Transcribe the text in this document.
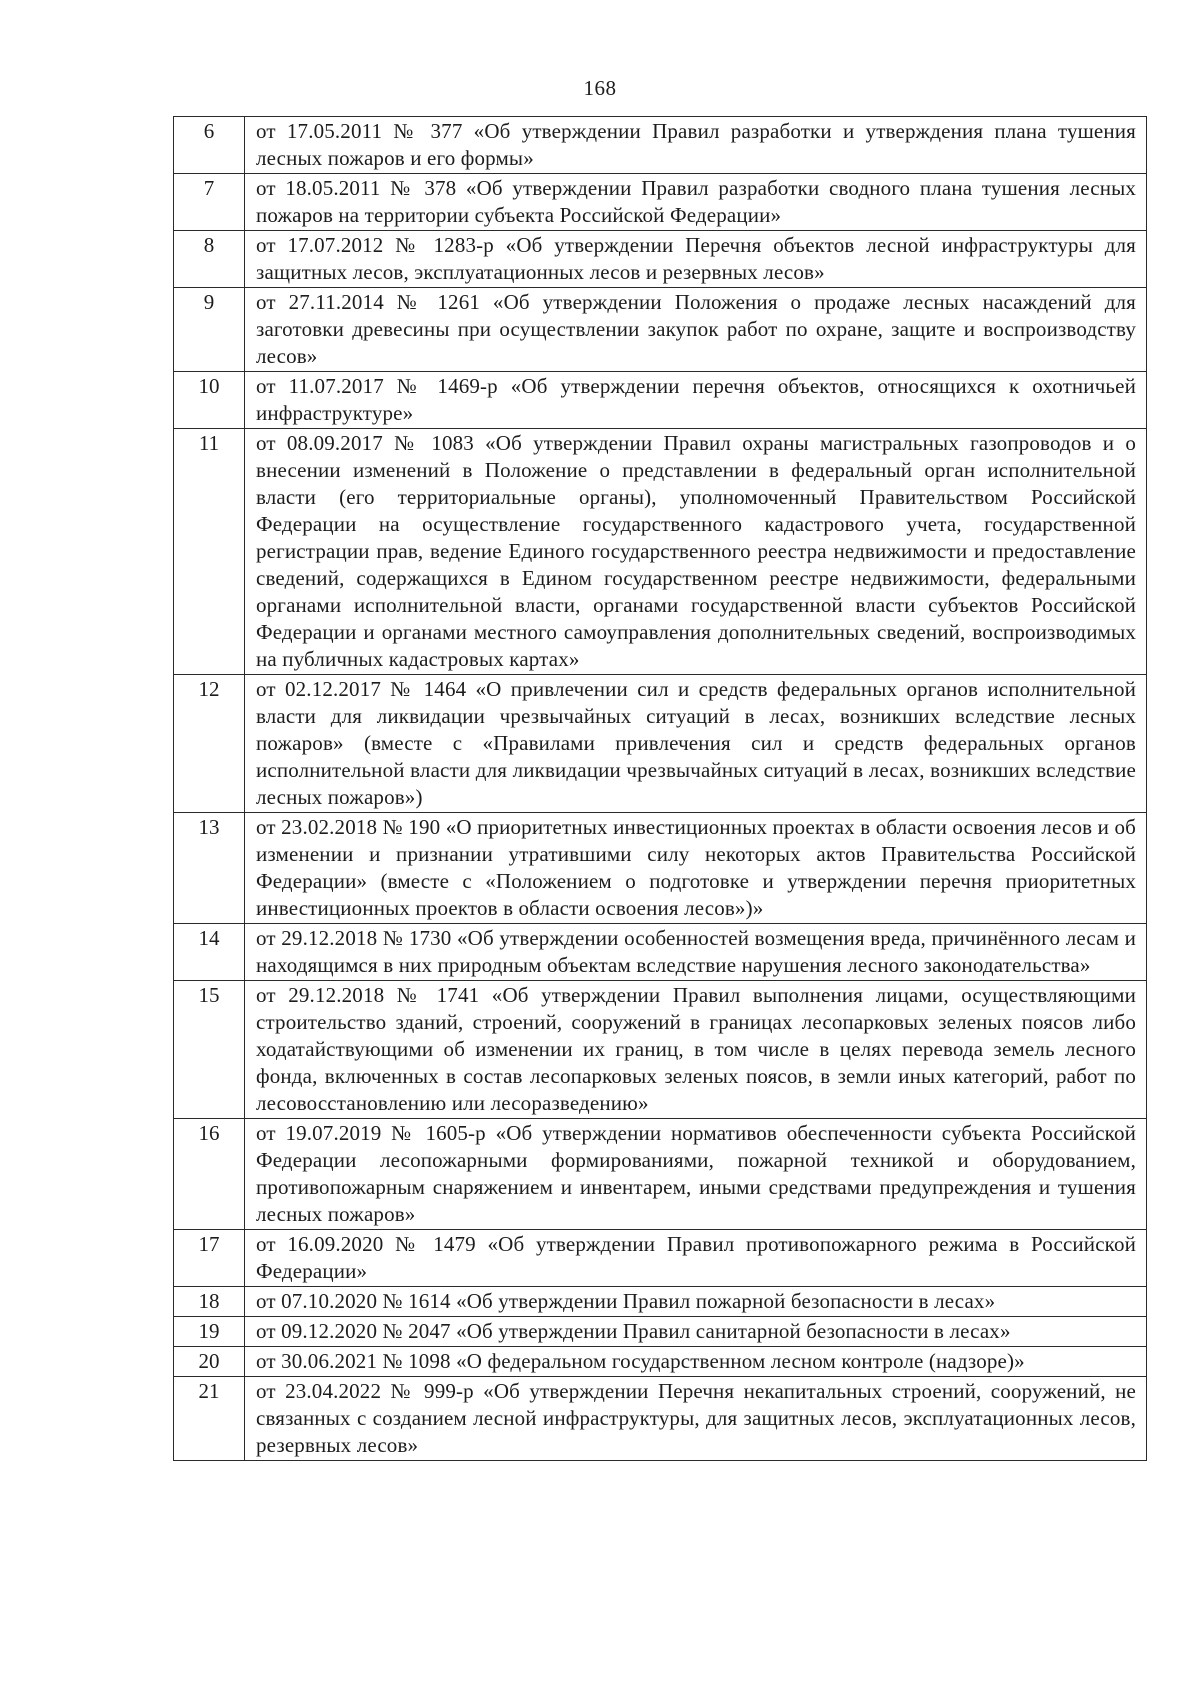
168
6	от 17.05.2011 № 377 «Об утверждении Правил разработки и утверждения плана тушения лесных пожаров и его формы»
7	от 18.05.2011 № 378 «Об утверждении Правил разработки сводного плана тушения лесных пожаров на территории субъекта Российской Федерации»
8	от 17.07.2012 № 1283-р «Об утверждении Перечня объектов лесной инфраструктуры для защитных лесов, эксплуатационных лесов и резервных лесов»
9	от 27.11.2014 № 1261 «Об утверждении Положения о продаже лесных насаждений для заготовки древесины при осуществлении закупок работ по охране, защите и воспроизводству лесов»
10	от 11.07.2017 № 1469-р «Об утверждении перечня объектов, относящихся к охотничьей инфраструктуре»
11	от 08.09.2017 № 1083 «Об утверждении Правил охраны магистральных газопроводов и о внесении изменений в Положение о представлении в федеральный орган исполнительной власти (его территориальные органы), уполномоченный Правительством Российской Федерации на осуществление государственного кадастрового учета, государственной регистрации прав, ведение Единого государственного реестра недвижимости и предоставление сведений, содержащихся в Едином государственном реестре недвижимости, федеральными органами исполнительной власти, органами государственной власти субъектов Российской Федерации и органами местного самоуправления дополнительных сведений, воспроизводимых на публичных кадастровых картах»
12	от 02.12.2017 № 1464 «О привлечении сил и средств федеральных органов исполнительной власти для ликвидации чрезвычайных ситуаций в лесах, возникших вследствие лесных пожаров» (вместе с «Правилами привлечения сил и средств федеральных органов исполнительной власти для ликвидации чрезвычайных ситуаций в лесах, возникших вследствие лесных пожаров»)
13	от 23.02.2018 № 190 «О приоритетных инвестиционных проектах в области освоения лесов и об изменении и признании утратившими силу некоторых актов Правительства Российской Федерации» (вместе с «Положением о подготовке и утверждении перечня приоритетных инвестиционных проектов в области освоения лесов»)»
14	от 29.12.2018 № 1730 «Об утверждении особенностей возмещения вреда, причинённого лесам и находящимся в них природным объектам вследствие нарушения лесного законодательства»
15	от 29.12.2018 № 1741 «Об утверждении Правил выполнения лицами, осуществляющими строительство зданий, строений, сооружений в границах лесопарковых зеленых поясов либо ходатайствующими об изменении их границ, в том числе в целях перевода земель лесного фонда, включенных в состав лесопарковых зеленых поясов, в земли иных категорий, работ по лесовосстановлению или лесоразведению»
16	от 19.07.2019 № 1605-р «Об утверждении нормативов обеспеченности субъекта Российской Федерации лесопожарными формированиями, пожарной техникой и оборудованием, противопожарным снаряжением и инвентарем, иными средствами предупреждения и тушения лесных пожаров»
17	от 16.09.2020 № 1479 «Об утверждении Правил противопожарного режима в Российской Федерации»
18	от 07.10.2020 № 1614 «Об утверждении Правил пожарной безопасности в лесах»
19	от 09.12.2020 № 2047 «Об утверждении Правил санитарной безопасности в лесах»
20	от 30.06.2021 № 1098 «О федеральном государственном лесном контроле (надзоре)»
21	от 23.04.2022 № 999-р «Об утверждении Перечня некапитальных строений, сооружений, не связанных с созданием лесной инфраструктуры, для защитных лесов, эксплуатационных лесов, резервных лесов»
